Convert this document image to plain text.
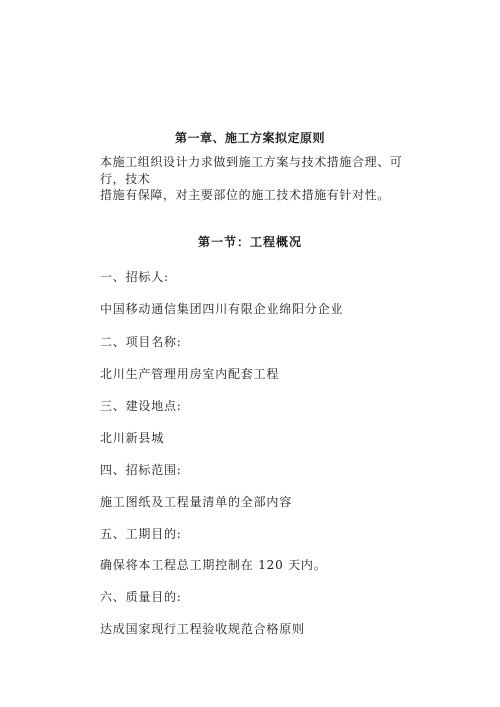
第一章、施工方案拟定原则
本施工组织设计力求做到施工方案与技术措施合理、可行，技术
措施有保障，对主要部位的施工技术措施有针对性。
第一节：工程概况
一、招标人:
中国移动通信集团四川有限企业绵阳分企业
二、项目名称:
北川生产管理用房室内配套工程
三、建设地点:
北川新县城
四、招标范围:
施工图纸及工程量清单的全部内容
五、工期目的:
确保将本工程总工期控制在 120 天内。
六、质量目的:
达成国家现行工程验收规范合格原则
